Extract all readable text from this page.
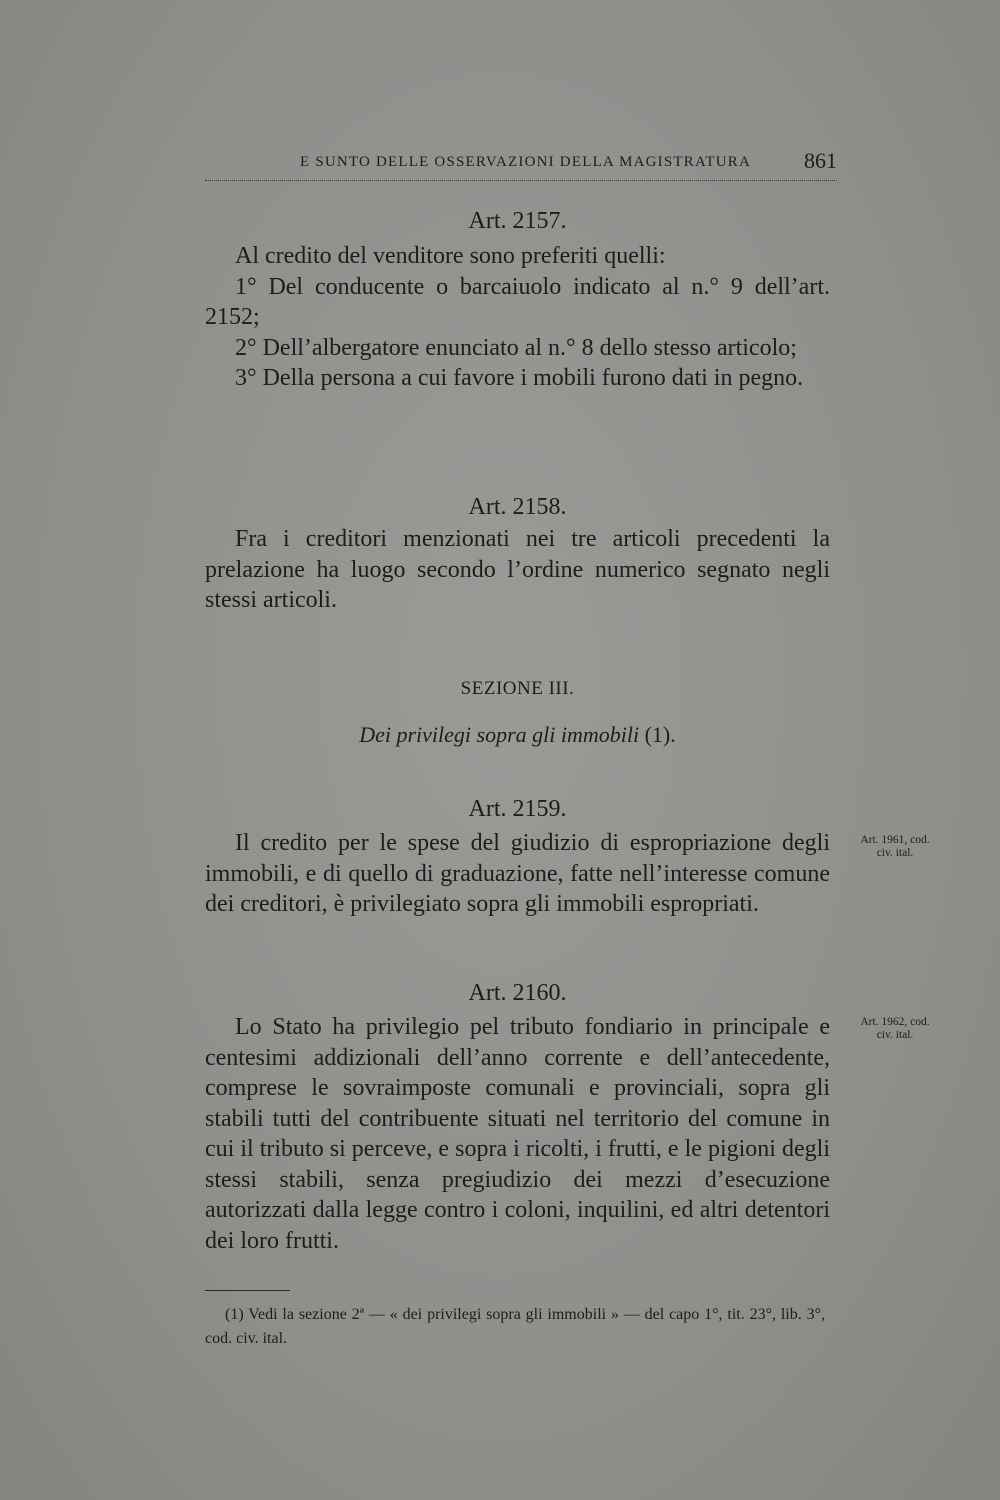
E SUNTO DELLE OSSERVAZIONI DELLA MAGISTRATURA 861
Art. 2157.

Al credito del venditore sono preferiti quelli:

1° Del conducente o barcaiuolo indicato al n.° 9 dell’art. 2152;

2° Dell’albergatore enunciato al n.° 8 dello stesso articolo;

3° Della persona a cui favore i mobili furono dati in pegno.

Art. 2158.

Fra i creditori menzionati nei tre articoli precedenti la prelazione ha luogo secondo l’ordine numerico segnato negli stessi articoli.

SEZIONE III.
Dei privilegi sopra gli immobili (1).
Art. 2159.

Il credito per le spese del giudizio di espropriazione degli immobili, e di quello di graduazione, fatte nell’interesse comune dei creditori, è privilegiato sopra gli immobili espropriati.

Art. 1961, cod.
civ. ital.
Art. 2160.

Lo Stato ha privilegio pel tributo fondiario in principale e centesimi addizionali dell’anno corrente e dell’antecedente, comprese le sovraimposte comunali e provinciali, sopra gli stabili tutti del contribuente situati nel territorio del comune in cui il tributo si perceve, e sopra i ricolti, i frutti, e le pigioni degli stessi stabili, senza pregiudizio dei mezzi d’esecuzione autorizzati dalla legge contro i coloni, inquilini, ed altri detentori dei loro frutti.

Art. 1962, cod.
civ. ital.

(1) Vedi la sezione 2ª — « dei privilegi sopra gli immobili » — del capo 1°, tit. 23°, lib. 3°, cod. civ. ital.
